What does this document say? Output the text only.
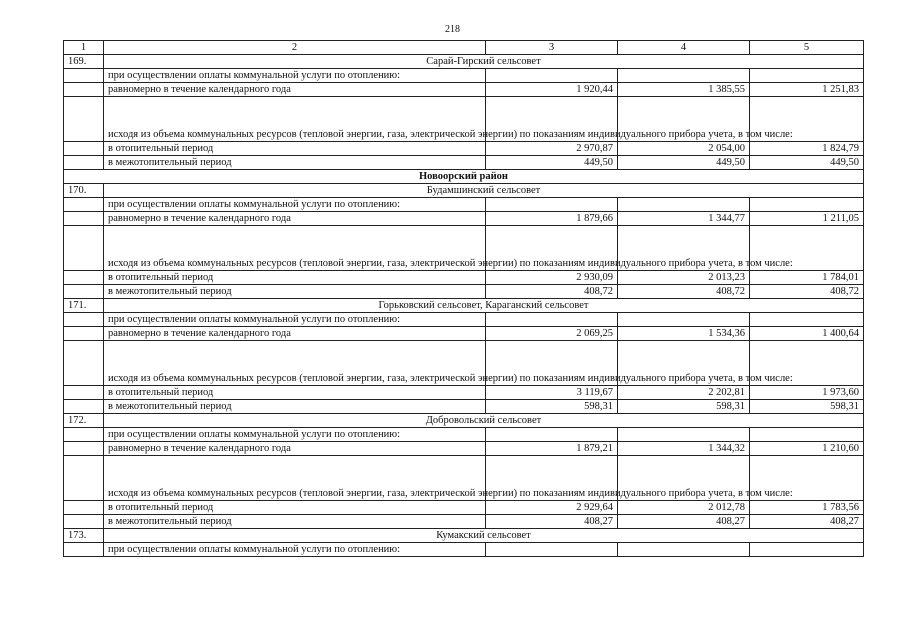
218
1	2	3	4	5
169.	Сарай-Гирский сельсовет			
	при осуществлении оплаты коммунальной услуги по отоплению:			
	равномерно в течение календарного года	1 920,44	1 385,55	1 251,83
	исходя из объема коммунальных ресурсов (тепловой энергии, газа, электрической энергии) по показаниям индивидуального прибора учета, в том числе:			
	в отопительный период	2 970,87	2 054,00	1 824,79
	в межотопительный период	449,50	449,50	449,50
Новоорский район				
170.	Будамшинский сельсовет			
	при осуществлении оплаты коммунальной услуги по отоплению:			
	равномерно в течение календарного года	1 879,66	1 344,77	1 211,05
	исходя из объема коммунальных ресурсов (тепловой энергии, газа, электрической энергии) по показаниям индивидуального прибора учета, в том числе:			
	в отопительный период	2 930,09	2 013,23	1 784,01
	в межотопительный период	408,72	408,72	408,72
171.	Горьковский сельсовет, Караганский сельсовет			
	при осуществлении оплаты коммунальной услуги по отоплению:			
	равномерно в течение календарного года	2 069,25	1 534,36	1 400,64
	исходя из объема коммунальных ресурсов (тепловой энергии, газа, электрической энергии) по показаниям индивидуального прибора учета, в том числе:			
	в отопительный период	3 119,67	2 202,81	1 973,60
	в межотопительный период	598,31	598,31	598,31
172.	Добровольский сельсовет			
	при осуществлении оплаты коммунальной услуги по отоплению:			
	равномерно в течение календарного года	1 879,21	1 344,32	1 210,60
	исходя из объема коммунальных ресурсов (тепловой энергии, газа, электрической энергии) по показаниям индивидуального прибора учета, в том числе:			
	в отопительный период	2 929,64	2 012,78	1 783,56
	в межотопительный период	408,27	408,27	408,27
173.	Кумакский сельсовет			
	при осуществлении оплаты коммунальной услуги по отоплению:			
